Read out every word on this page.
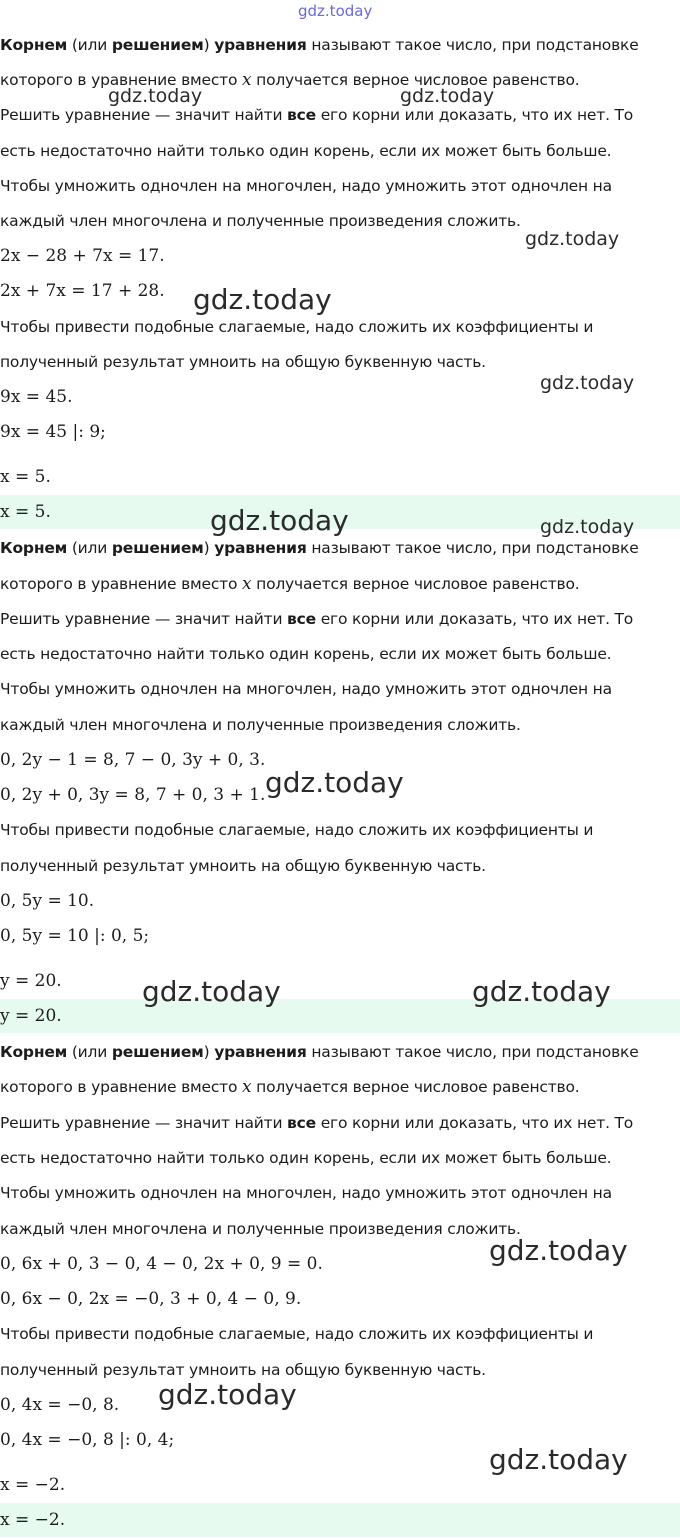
gdz.today
Корнем (или решением) уравнения называют такое число, при подстановке
которого в уравнение вместо x получается верное числовое равенство.
Решить уравнение — значит найти все его корни или доказать, что их нет. То
есть недостаточно найти только один корень, если их может быть больше.
Чтобы умножить одночлен на многочлен, надо умножить этот одночлен на
каждый член многочлена и полученные произведения сложить.
2x − 28 + 7x = 17.
2x + 7x = 17 + 28.
Чтобы привести подобные слагаемые, надо сложить их коэффициенты и
полученный результат умноить на общую буквенную часть.
9x = 45.
9x = 45 |: 9;
x = 5.
x = 5.
Корнем (или решением) уравнения называют такое число, при подстановке
которого в уравнение вместо x получается верное числовое равенство.
Решить уравнение — значит найти все его корни или доказать, что их нет. То
есть недостаточно найти только один корень, если их может быть больше.
Чтобы умножить одночлен на многочлен, надо умножить этот одночлен на
каждый член многочлена и полученные произведения сложить.
0, 2y − 1 = 8, 7 − 0, 3y + 0, 3.
0, 2y + 0, 3y = 8, 7 + 0, 3 + 1.
Чтобы привести подобные слагаемые, надо сложить их коэффициенты и
полученный результат умноить на общую буквенную часть.
0, 5y = 10.
0, 5y = 10 |: 0, 5;
y = 20.
y = 20.
Корнем (или решением) уравнения называют такое число, при подстановке
которого в уравнение вместо x получается верное числовое равенство.
Решить уравнение — значит найти все его корни или доказать, что их нет. То
есть недостаточно найти только один корень, если их может быть больше.
Чтобы умножить одночлен на многочлен, надо умножить этот одночлен на
каждый член многочлена и полученные произведения сложить.
0, 6x + 0, 3 − 0, 4 − 0, 2x + 0, 9 = 0.
0, 6x − 0, 2x = −0, 3 + 0, 4 − 0, 9.
Чтобы привести подобные слагаемые, надо сложить их коэффициенты и
полученный результат умноить на общую буквенную часть.
0, 4x = −0, 8.
0, 4x = −0, 8 |: 0, 4;
x = −2.
x = −2.
gdz.today	gdz.today
gdz.today
gdz.today
gdz.today
gdz.today	gdz.today
gdz.today
gdz.today	gdz.today
gdz.today
gdz.today
gdz.today
